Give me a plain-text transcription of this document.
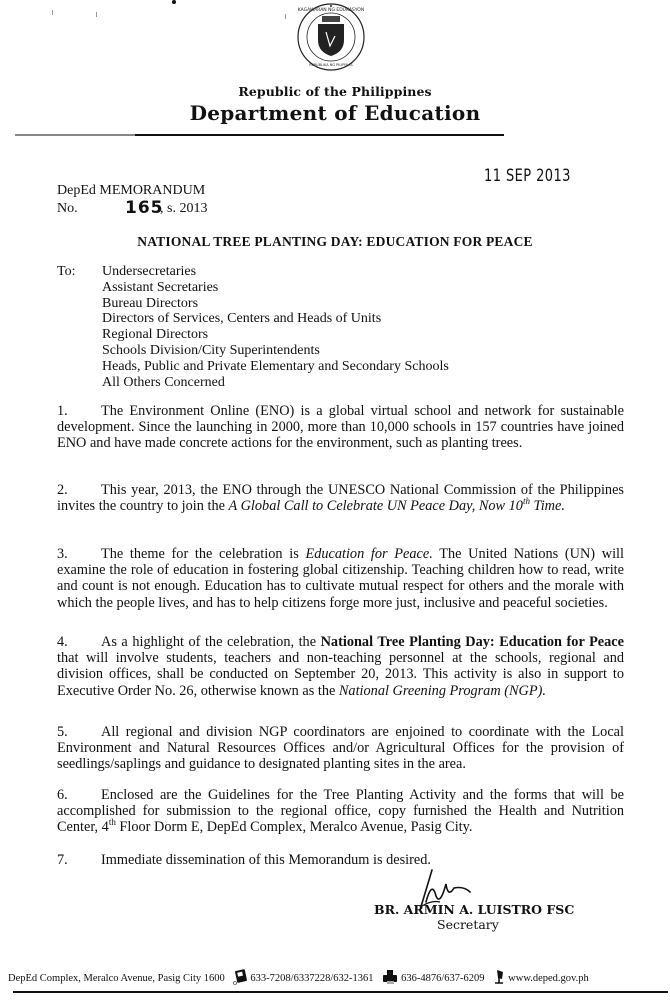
KAGAWARAN NG EDUKASYON
REPUBLIKA NG PILIPINAS
Republic of the Philippines
Department of Education
11 SEP 2013
DepEd MEMORANDUM
No.	165
, s. 2013
NATIONAL TREE PLANTING DAY: EDUCATION FOR PEACE
To: Undersecretaries
Assistant Secretaries
Bureau Directors
Directors of Services, Centers and Heads of Units
Regional Directors
Schools Division/City Superintendents
Heads, Public and Private Elementary and Secondary Schools
All Others Concerned

1. The Environment Online (ENO) is a global virtual school and network for sustainable development. Since the launching in 2000, more than 10,000 schools in 157 countries have joined ENO and have made concrete actions for the environment, such as planting trees.

2. This year, 2013, the ENO through the UNESCO National Commission of the Philippines invites the country to join the A Global Call to Celebrate UN Peace Day, Now 10th Time.

3. The theme for the celebration is Education for Peace. The United Nations (UN) will examine the role of education in fostering global citizenship. Teaching children how to read, write and count is not enough. Education has to cultivate mutual respect for others and the morale with which the people lives, and has to help citizens forge more just, inclusive and peaceful societies.

4. As a highlight of the celebration, the National Tree Planting Day: Education for Peace that will involve students, teachers and non-teaching personnel at the schools, regional and division offices, shall be conducted on September 20, 2013. This activity is also in support to Executive Order No. 26, otherwise known as the National Greening Program (NGP).

5. All regional and division NGP coordinators are enjoined to coordinate with the Local Environment and Natural Resources Offices and/or Agricultural Offices for the provision of seedlings/saplings and guidance to designated planting sites in the area.

6. Enclosed are the Guidelines for the Tree Planting Activity and the forms that will be accomplished for submission to the regional office, copy furnished the Health and Nutrition Center, 4th Floor Dorm E, DepEd Complex, Meralco Avenue, Pasig City.

7. Immediate dissemination of this Memorandum is desired.

BR. ARMIN A. LUISTRO FSC
Secretary
DepEd Complex, Meralco Avenue, Pasig City 1600 633-7208/6337228/632-1361	636-4876/637-6209 www.deped.gov.ph
